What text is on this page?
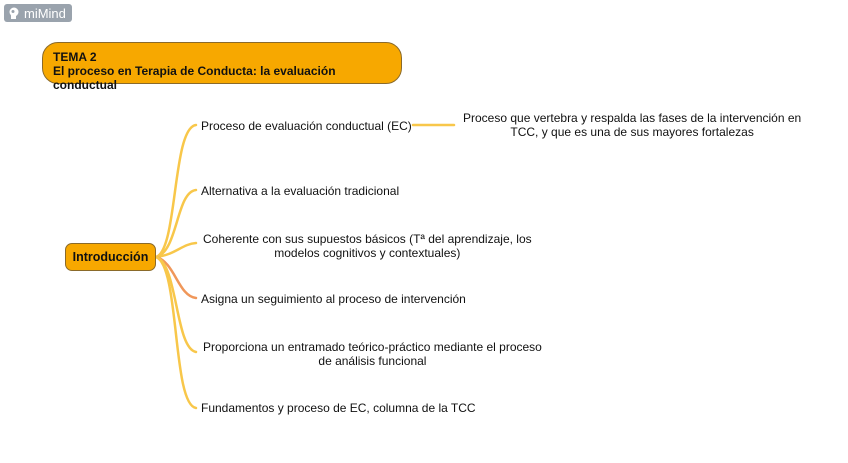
miMind
TEMA 2
El proceso en Terapia de Conducta: la evaluación conductual
Introducción
Proceso de evaluación conductual (EC)
Alternativa a la evaluación tradicional
Coherente con sus supuestos básicos (Tª del aprendizaje, los
modelos cognitivos y contextuales)
Asigna un seguimiento al proceso de intervención
Proporciona un entramado teórico-práctico mediante el proceso
de análisis funcional
Fundamentos y proceso de EC, columna de la TCC
Proceso que vertebra y respalda las fases de la intervención en
TCC, y que es una de sus mayores fortalezas
